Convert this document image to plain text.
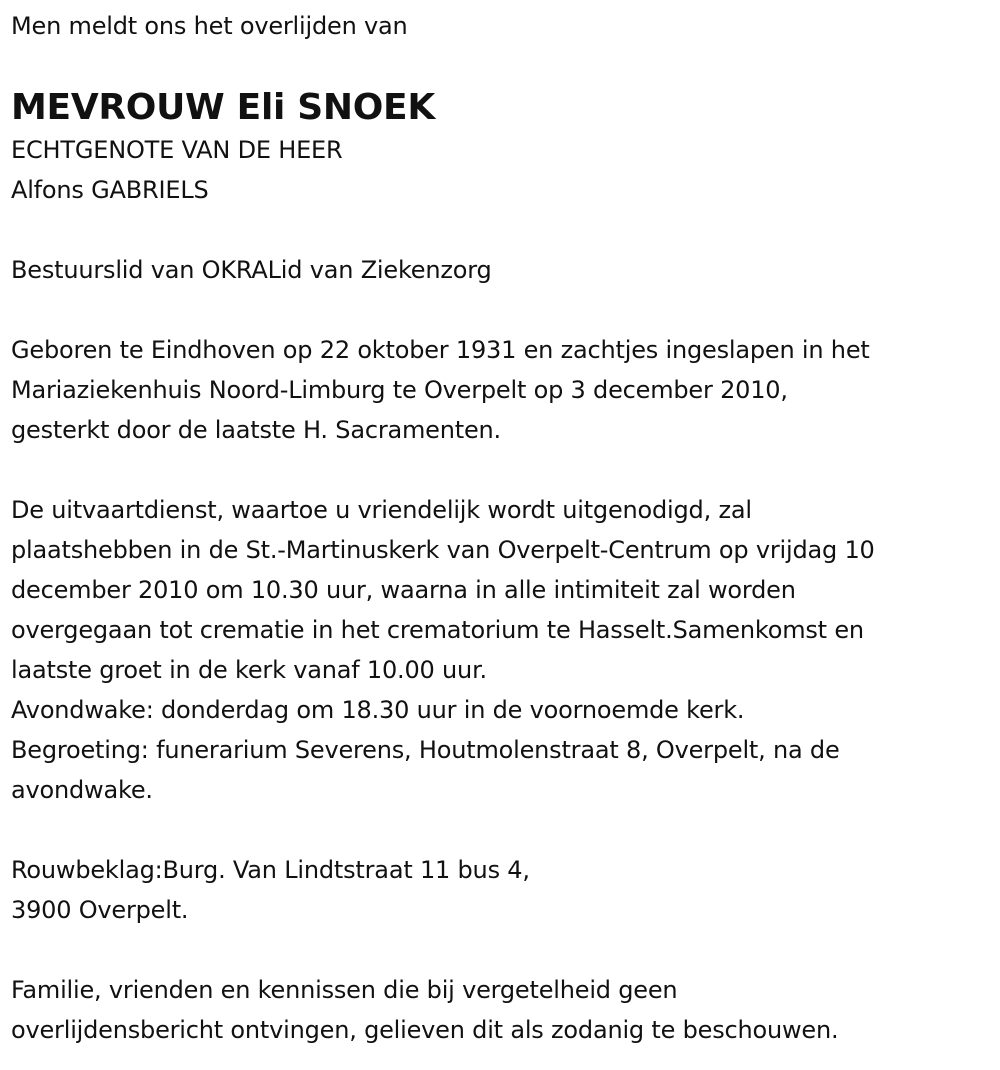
Men meldt ons het overlijden van
MEVROUW Eli SNOEK
ECHTGENOTE VAN DE HEER
Alfons GABRIELS
Bestuurslid van OKRALid van Ziekenzorg
Geboren te Eindhoven op 22 oktober 1931 en zachtjes ingeslapen in het
Mariaziekenhuis Noord-Limburg te Overpelt op 3 december 2010,
gesterkt door de laatste H. Sacramenten.
De uitvaartdienst, waartoe u vriendelijk wordt uitgenodigd, zal
plaatshebben in de St.-Martinuskerk van Overpelt-Centrum op vrijdag 10
december 2010 om 10.30 uur, waarna in alle intimiteit zal worden
overgegaan tot crematie in het crematorium te Hasselt.Samenkomst en
laatste groet in de kerk vanaf 10.00 uur.
Avondwake: donderdag om 18.30 uur in de voornoemde kerk.
Begroeting: funerarium Severens, Houtmolenstraat 8, Overpelt, na de
avondwake.
Rouwbeklag:Burg. Van Lindtstraat 11 bus 4,
3900 Overpelt.
Familie, vrienden en kennissen die bij vergetelheid geen
overlijdensbericht ontvingen, gelieven dit als zodanig te beschouwen.
